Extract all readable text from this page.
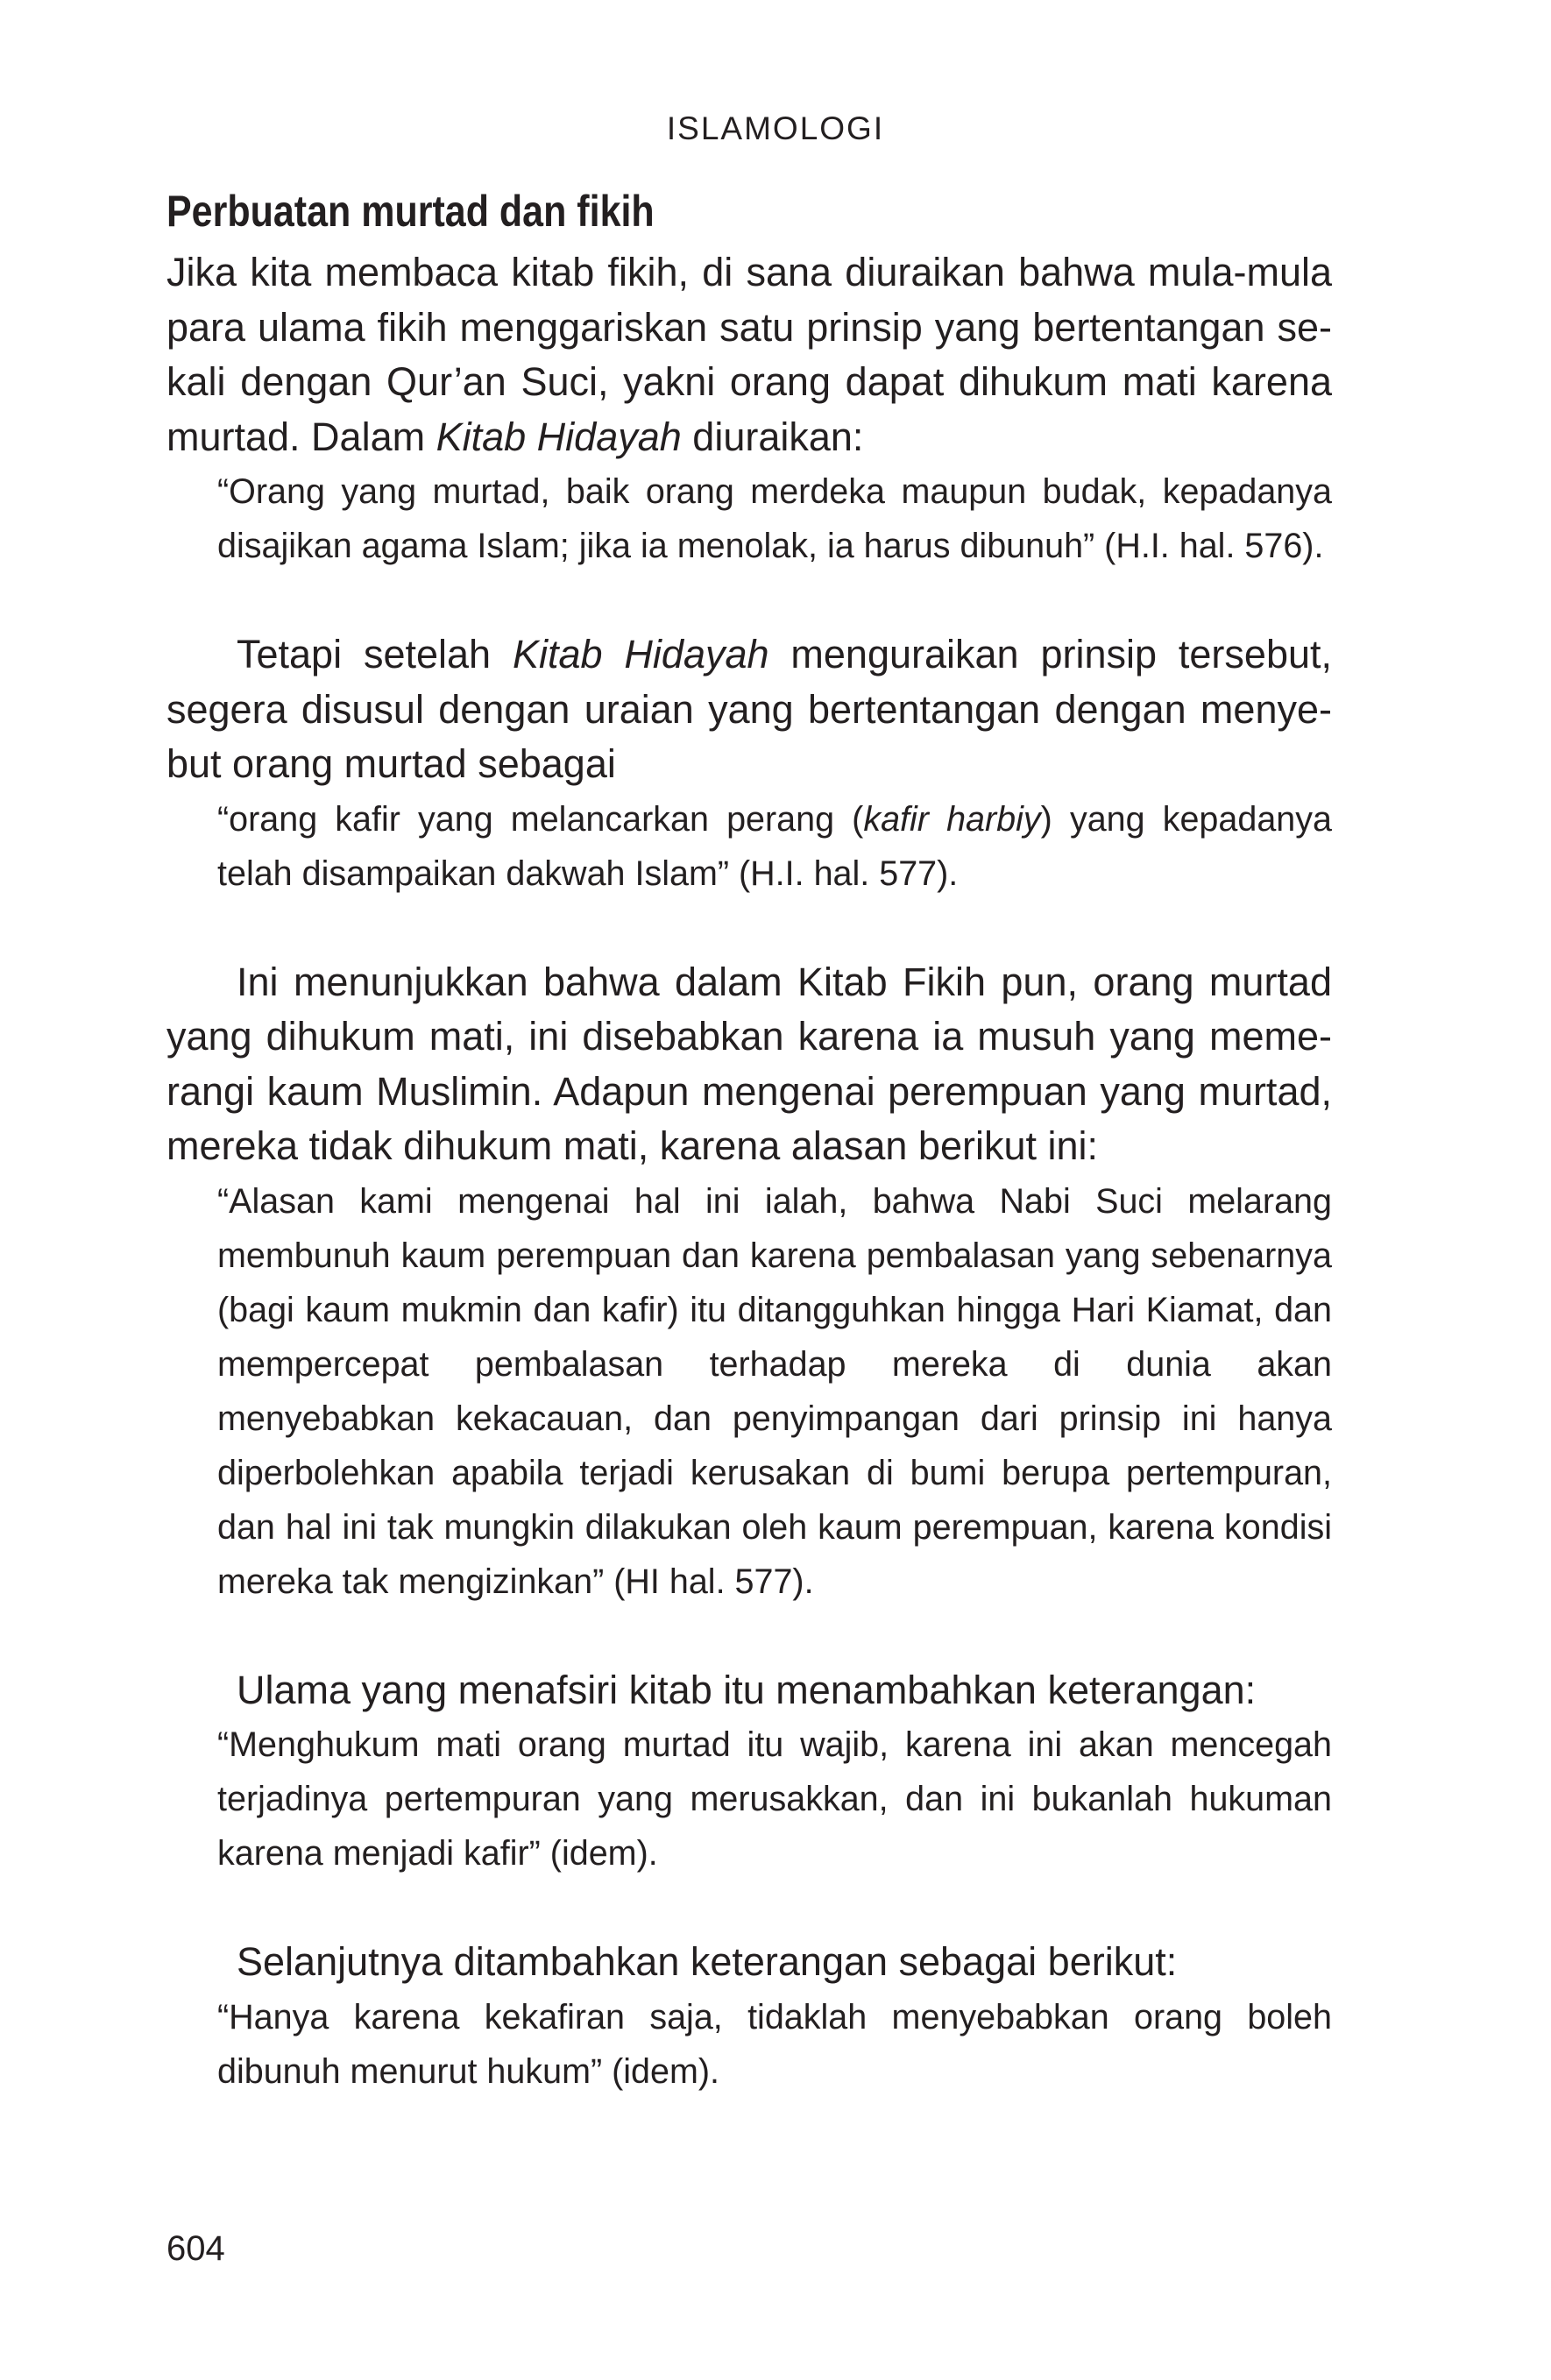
ISLAMOLOGI
Perbuatan murtad dan fikih

Jika kita membaca kitab fikih, di sana diuraikan bahwa mula-mula para ulama fikih menggariskan satu prinsip yang bertentangan sekali dengan Qur’an Suci, yakni orang dapat dihukum mati karena murtad. Dalam Kitab Hidayah diuraikan:

“Orang yang murtad, baik orang merdeka maupun budak, kepadanya disajikan agama Islam; jika ia menolak, ia harus dibunuh” (H.I. hal. 576).

Tetapi setelah Kitab Hidayah menguraikan prinsip tersebut, segera disusul dengan uraian yang bertentangan dengan menyebut orang murtad sebagai

“orang kafir yang melancarkan perang (kafir harbiy) yang kepadanya telah disampaikan dakwah Islam” (H.I. hal. 577).

Ini menunjukkan bahwa dalam Kitab Fikih pun, orang murtad yang dihukum mati, ini disebabkan karena ia musuh yang memerangi kaum Muslimin. Adapun mengenai perempuan yang murtad, mereka tidak dihukum mati, karena alasan berikut ini:

“Alasan kami mengenai hal ini ialah, bahwa Nabi Suci melarang membunuh kaum perempuan dan karena pembalasan yang sebenarnya (bagi kaum mukmin dan kafir) itu ditangguhkan hingga Hari Kiamat, dan mempercepat pembalasan terhadap mereka di dunia akan menyebabkan kekacauan, dan penyimpangan dari prinsip ini hanya diperbolehkan apabila terjadi kerusakan di bumi berupa pertempuran, dan hal ini tak mungkin dilakukan oleh kaum perempuan, karena kondisi mereka tak mengizinkan” (HI hal. 577).

Ulama yang menafsiri kitab itu menambahkan keterangan:

“Menghukum mati orang murtad itu wajib, karena ini akan mencegah terjadinya pertempuran yang merusakkan, dan ini bukanlah hukuman karena menjadi kafir” (idem).

Selanjutnya ditambahkan keterangan sebagai berikut:

“Hanya karena kekafiran saja, tidaklah menyebabkan orang boleh dibunuh menurut hukum” (idem).

604
